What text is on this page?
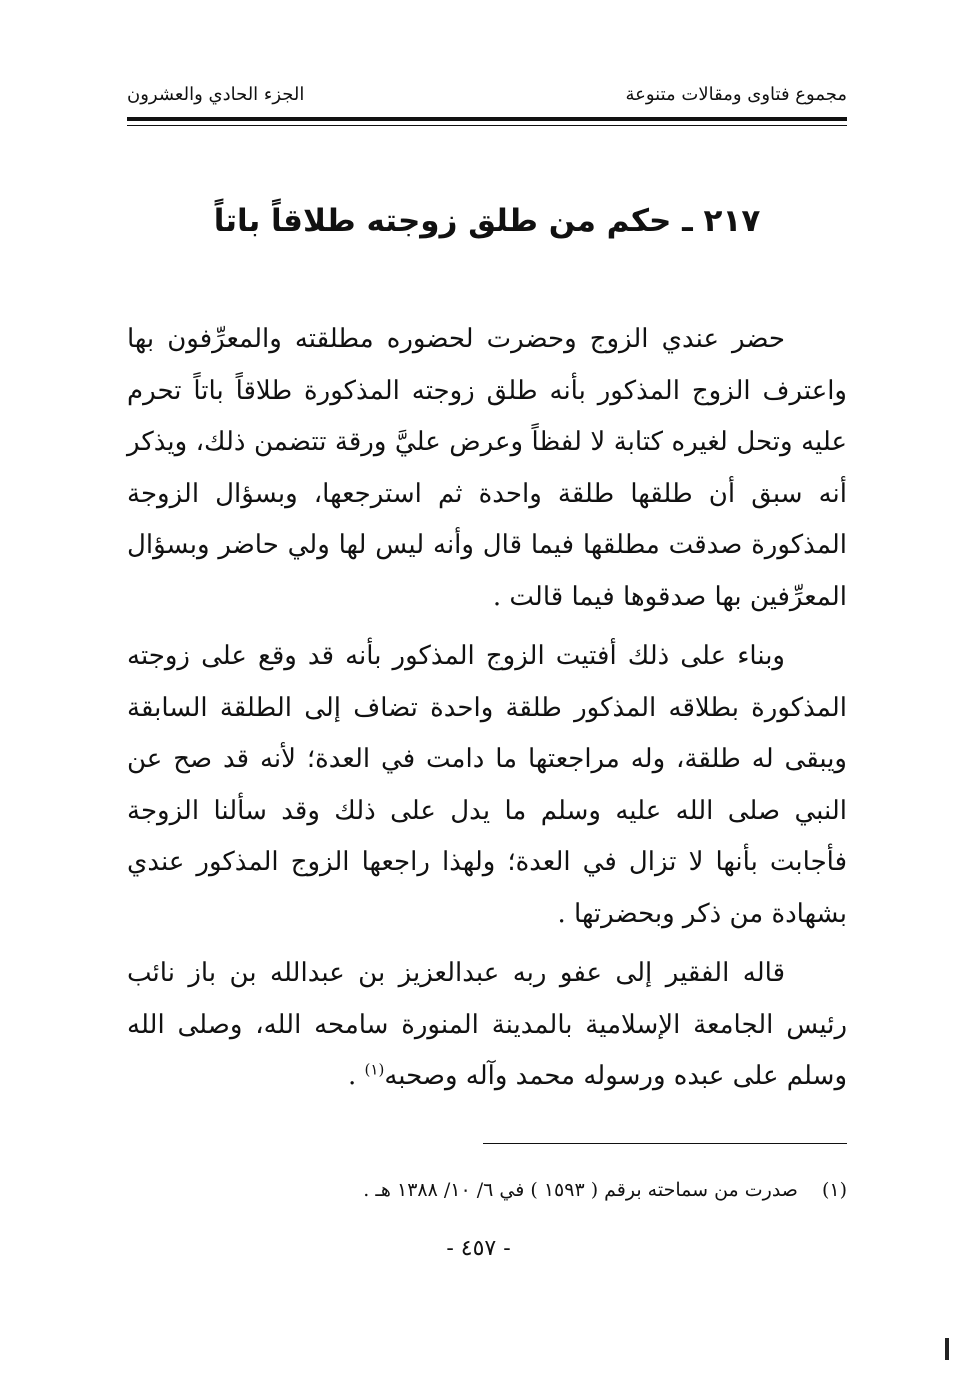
مجموع فتاوى ومقالات متنوعة
الجزء الحادي والعشرون
٢١٧ ـ حكم من طلق زوجته طلاقاً باتاً

حضر عندي الزوج وحضرت لحضوره مطلقته والمعرِّفون بها واعترف الزوج المذكور بأنه طلق زوجته المذكورة طلاقاً باتاً تحرم عليه وتحل لغيره كتابة لا لفظاً وعرض عليَّ ورقة تتضمن ذلك، ويذكر أنه سبق أن طلقها طلقة واحدة ثم استرجعها، وبسؤال الزوجة المذكورة صدقت مطلقها فيما قال وأنه ليس لها ولي حاضر وبسؤال المعرِّفين بها صدقوها فيما قالت .

وبناء على ذلك أفتيت الزوج المذكور بأنه قد وقع على زوجته المذكورة بطلاقه المذكور طلقة واحدة تضاف إلى الطلقة السابقة ويبقى له طلقة، وله مراجعتها ما دامت في العدة؛ لأنه قد صح عن النبي صلى الله عليه وسلم ما يدل على ذلك وقد سألنا الزوجة فأجابت بأنها لا تزال في العدة؛ ولهذا راجعها الزوج المذكور عندي بشهادة من ذكر وبحضرتها .

قاله الفقير إلى عفو ربه عبدالعزيز بن عبدالله بن باز نائب رئيس الجامعة الإسلامية بالمدينة المنورة سامحه الله، وصلى الله وسلم على عبده ورسوله محمد وآله وصحبه$^{(١)}$ .

(١)صدرت من سماحته برقم ( ١٥٩٣ ) في ٦/ ١٠/ ١٣٨٨ هـ .
- ٤٥٧ -
